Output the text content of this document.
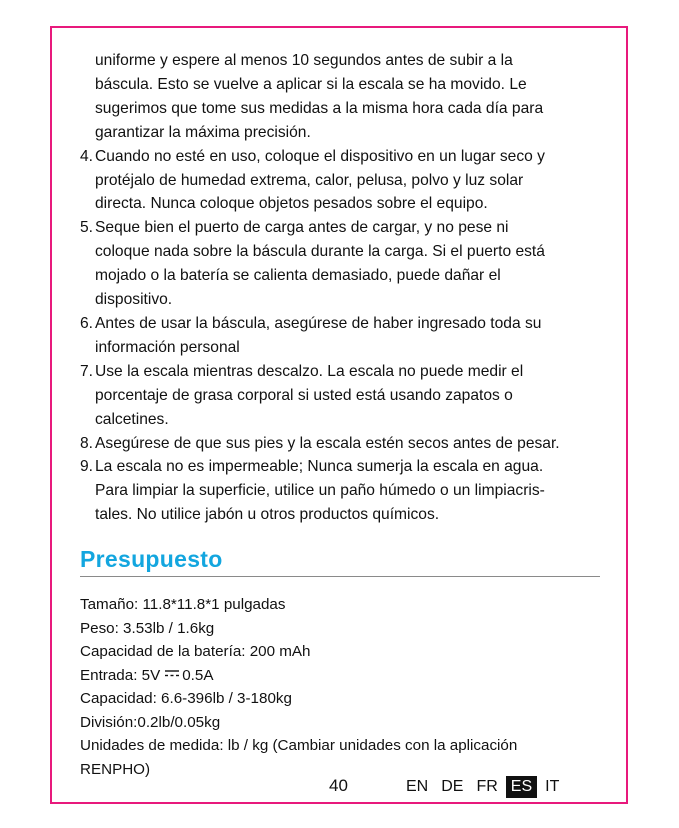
uniforme y espere al menos 10 segundos antes de subir a la
báscula. Esto se vuelve a aplicar si la escala se ha movido. Le
sugerimos que tome sus medidas a la misma hora cada día para
garantizar la máxima precisión.
4. Cuando no esté en uso, coloque el dispositivo en un lugar seco y
protéjalo de humedad extrema, calor, pelusa, polvo y luz solar
directa. Nunca coloque objetos pesados sobre el equipo.
5. Seque bien el puerto de carga antes de cargar, y no pese ni
coloque nada sobre la báscula durante la carga. Si el puerto está
mojado o la batería se calienta demasiado, puede dañar el
dispositivo.
6. Antes de usar la báscula, asegúrese de haber ingresado toda su
información personal
7. Use la escala mientras descalzo. La escala no puede medir el
porcentaje de grasa corporal si usted está usando zapatos o
calcetines.
8. Asegúrese de que sus pies y la escala estén secos antes de pesar.
9. La escala no es impermeable; Nunca sumerja la escala en agua.
Para limpiar la superficie, utilice un paño húmedo o un limpiacris-
tales. No utilice jabón u otros productos químicos.
Presupuesto
Tamaño: 11.8*11.8*1 pulgadas
Peso: 3.53lb / 1.6kg
Capacidad de la batería: 200 mAh
Entrada: 5V 0.5A
Capacidad: 6.6-396lb / 3-180kg
División:0.2lb/0.05kg
Unidades de medida: lb / kg (Cambiar unidades con la aplicación
RENPHO)
40	EN DE FR ES IT
